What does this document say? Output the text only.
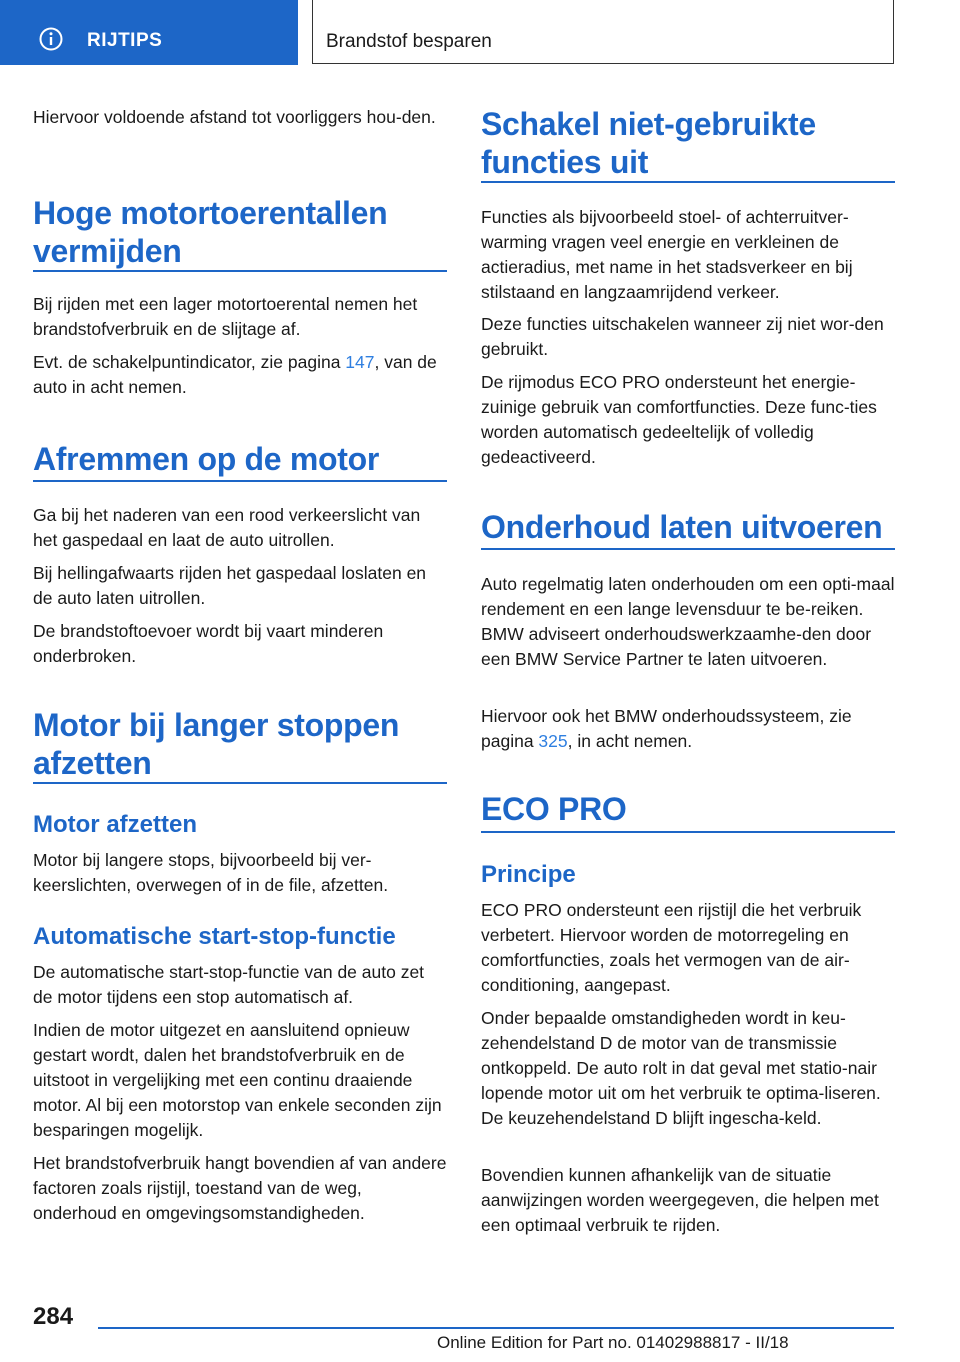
RIJTIPS	Brandstof besparen

Hiervoor voldoende afstand tot voorliggers hou-den.

Hoge motortoerentallen vermijden

Bij rijden met een lager motortoerental nemen het brandstofverbruik en de slijtage af.

Evt. de schakelpuntindicator, zie pagina 147, van de auto in acht nemen.

Afremmen op de motor

Ga bij het naderen van een rood verkeerslicht van het gaspedaal en laat de auto uitrollen.

Bij hellingafwaarts rijden het gaspedaal loslaten en de auto laten uitrollen.

De brandstoftoevoer wordt bij vaart minderen onderbroken.

Motor bij langer stoppen afzetten
Motor afzetten

Motor bij langere stops, bijvoorbeeld bij ver-keerslichten, overwegen of in de file, afzetten.

Automatische start-stop-functie

De automatische start-stop-functie van de auto zet de motor tijdens een stop automatisch af.

Indien de motor uitgezet en aansluitend opnieuw gestart wordt, dalen het brandstofverbruik en de uitstoot in vergelijking met een continu draaiende motor. Al bij een motorstop van enkele seconden zijn besparingen mogelijk.

Het brandstofverbruik hangt bovendien af van andere factoren zoals rijstijl, toestand van de weg, onderhoud en omgevingsomstandigheden.

Schakel niet-gebruikte functies uit

Functies als bijvoorbeeld stoel- of achterruitver-warming vragen veel energie en verkleinen de actieradius, met name in het stadsverkeer en bij stilstaand en langzaamrijdend verkeer.

Deze functies uitschakelen wanneer zij niet wor-den gebruikt.

De rijmodus ECO PRO ondersteunt het energie-zuinige gebruik van comfortfuncties. Deze func-ties worden automatisch gedeeltelijk of volledig gedeactiveerd.

Onderhoud laten uitvoeren

Auto regelmatig laten onderhouden om een opti-maal rendement en een lange levensduur te be-reiken. BMW adviseert onderhoudswerkzaamhe-den door een BMW Service Partner te laten uitvoeren.

Hiervoor ook het BMW onderhoudssysteem, zie pagina 325, in acht nemen.

ECO PRO
Principe

ECO PRO ondersteunt een rijstijl die het verbruik verbetert. Hiervoor worden de motorregeling en comfortfuncties, zoals het vermogen van de air-conditioning, aangepast.

Onder bepaalde omstandigheden wordt in keu-zehendelstand D de motor van de transmissie ontkoppeld. De auto rolt in dat geval met statio-nair lopende motor uit om het verbruik te optima-liseren. De keuzehendelstand D blijft ingescha-keld.

Bovendien kunnen afhankelijk van de situatie aanwijzingen worden weergegeven, die helpen met een optimaal verbruik te rijden.

284
Online Edition for Part no. 01402988817 - II/18
